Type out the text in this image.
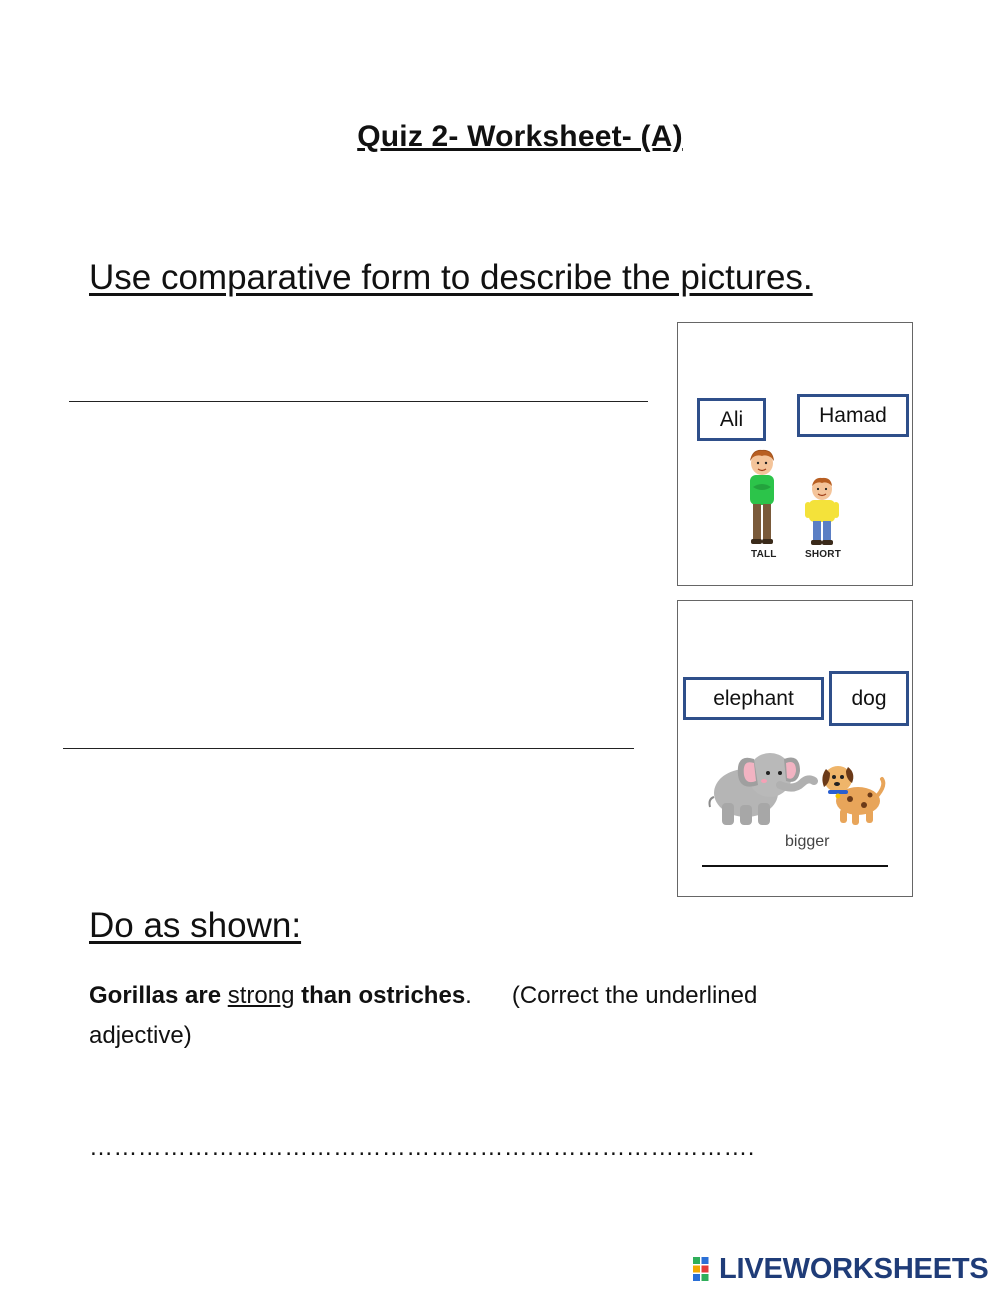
Quiz 2- Worksheet- (A)
Use comparative form to describe the pictures.
Ali	Hamad
TALL	SHORT
elephant	dog
bigger
Do as shown:
Gorillas are strong than ostriches. (Correct the underlined adjective)
……………………………………………………………………….
LIVEWORKSHEETS
